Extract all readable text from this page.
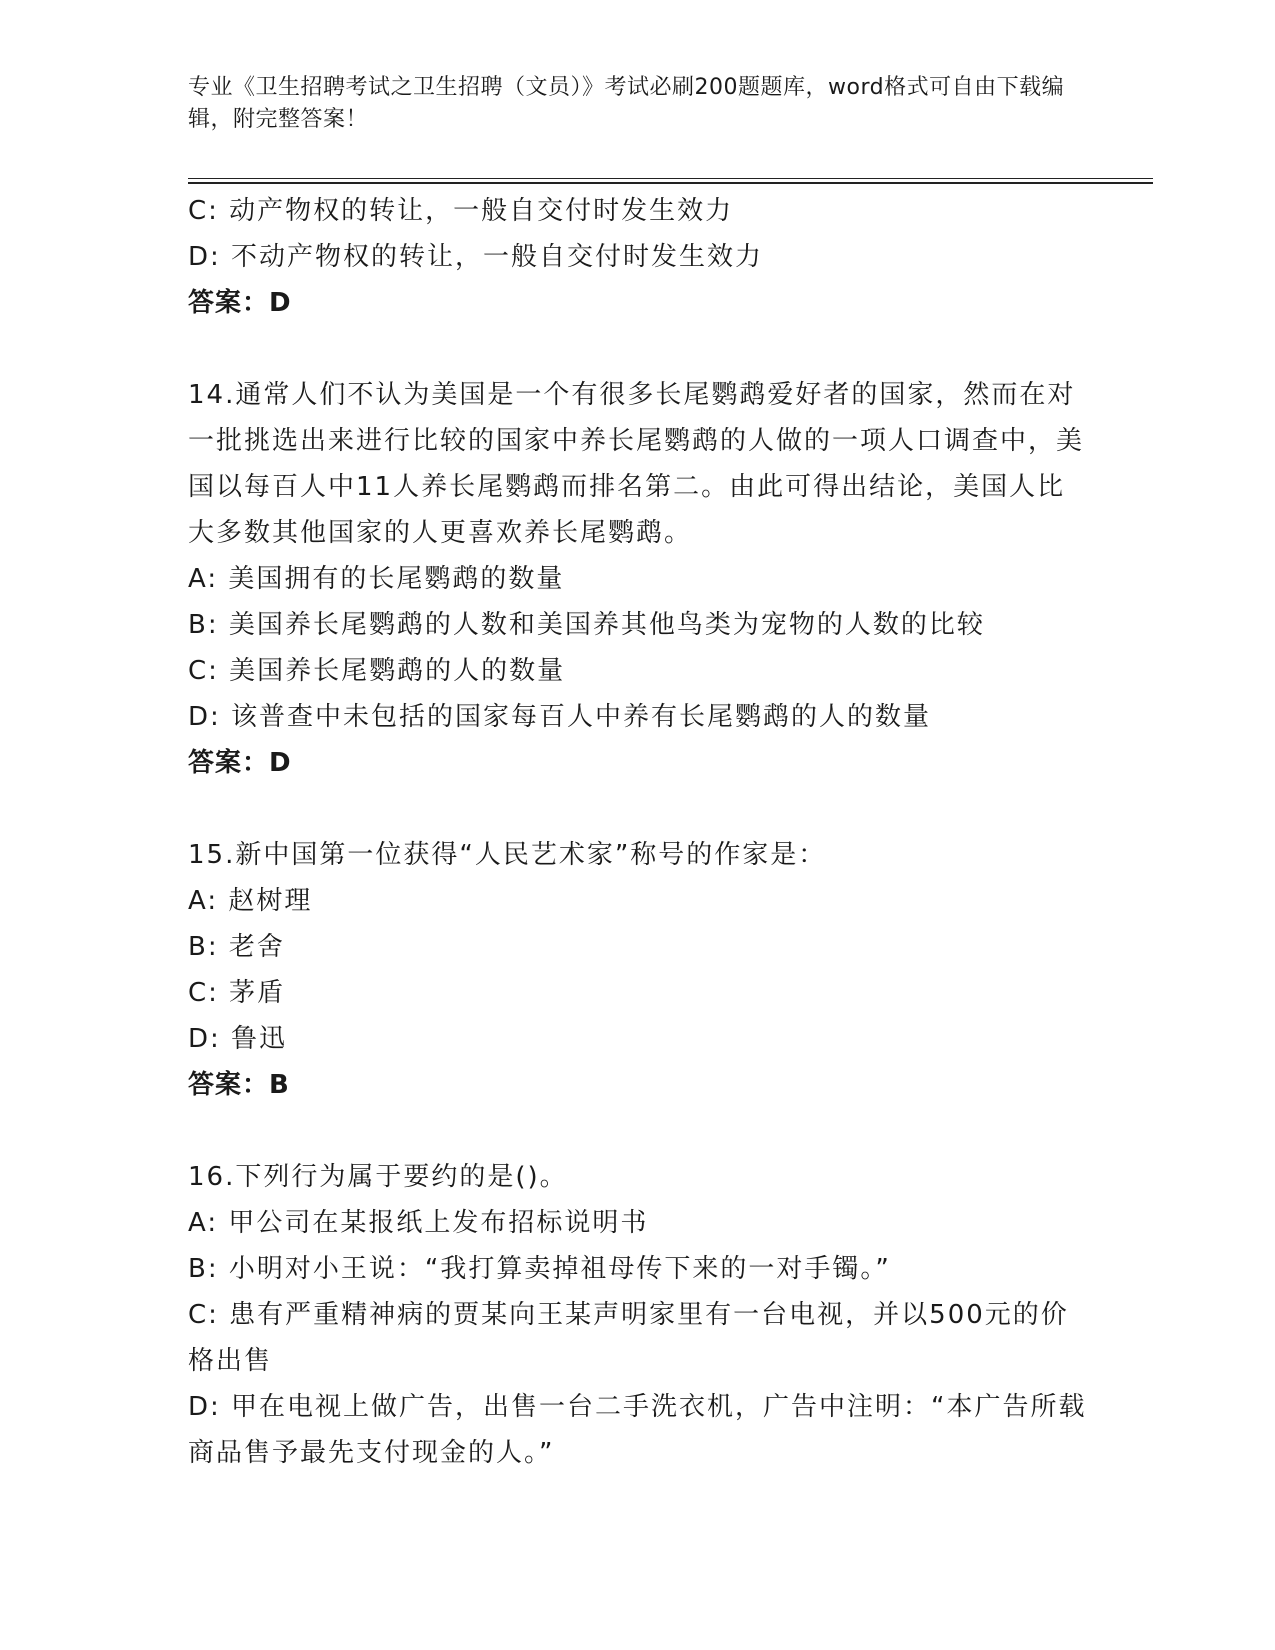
专业《卫生招聘考试之卫生招聘（文员）》考试必刷200题题库，word格式可自由下载编辑，附完整答案！
C: 动产物权的转让，一般自交付时发生效力
D: 不动产物权的转让，一般自交付时发生效力
答案：D
14.通常人们不认为美国是一个有很多长尾鹦鹉爱好者的国家，然而在对一批挑选出来进行比较的国家中养长尾鹦鹉的人做的一项人口调查中，美国以每百人中11人养长尾鹦鹉而排名第二。由此可得出结论，美国人比大多数其他国家的人更喜欢养长尾鹦鹉。
A: 美国拥有的长尾鹦鹉的数量
B: 美国养长尾鹦鹉的人数和美国养其他鸟类为宠物的人数的比较
C: 美国养长尾鹦鹉的人的数量
D: 该普查中未包括的国家每百人中养有长尾鹦鹉的人的数量
答案：D
15.新中国第一位获得“人民艺术家”称号的作家是：
A: 赵树理
B: 老舍
C: 茅盾
D: 鲁迅
答案：B
16.下列行为属于要约的是()。
A: 甲公司在某报纸上发布招标说明书
B: 小明对小王说：“我打算卖掉祖母传下来的一对手镯。”
C: 患有严重精神病的贾某向王某声明家里有一台电视，并以500元的价格出售
D: 甲在电视上做广告，出售一台二手洗衣机，广告中注明：“本广告所载商品售予最先支付现金的人。”
